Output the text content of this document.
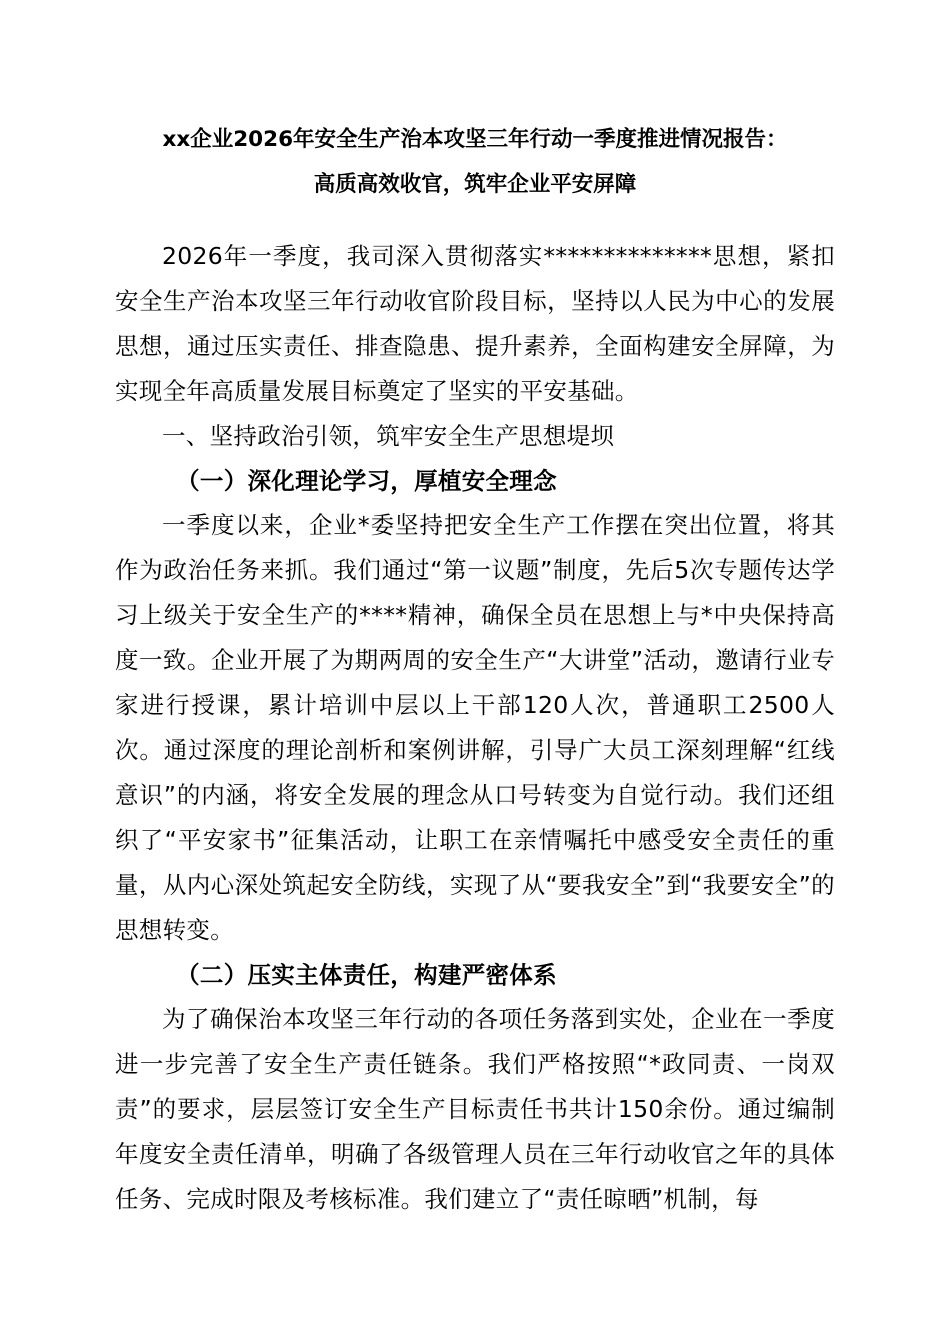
xx企业2026年安全生产治本攻坚三年行动一季度推进情况报告：
高质高效收官，筑牢企业平安屏障

2026年一季度，我司深入贯彻落实**************思想，紧扣安全生产治本攻坚三年行动收官阶段目标，坚持以人民为中心的发展思想，通过压实责任、排查隐患、提升素养，全面构建安全屏障，为实现全年高质量发展目标奠定了坚实的平安基础。

一、坚持政治引领，筑牢安全生产思想堤坝

（一）深化理论学习，厚植安全理念

一季度以来，企业*委坚持把安全生产工作摆在突出位置，将其作为政治任务来抓。我们通过“第一议题”制度，先后5次专题传达学习上级关于安全生产的****精神，确保全员在思想上与*中央保持高度一致。企业开展了为期两周的安全生产“大讲堂”活动，邀请行业专家进行授课，累计培训中层以上干部120人次，普通职工2500人次。通过深度的理论剖析和案例讲解，引导广大员工深刻理解“红线意识”的内涵，将安全发展的理念从口号转变为自觉行动。我们还组织了“平安家书”征集活动，让职工在亲情嘱托中感受安全责任的重量，从内心深处筑起安全防线，实现了从“要我安全”到“我要安全”的思想转变。

（二）压实主体责任，构建严密体系

为了确保治本攻坚三年行动的各项任务落到实处，企业在一季度进一步完善了安全生产责任链条。我们严格按照“*政同责、一岗双责”的要求，层层签订安全生产目标责任书共计150余份。通过编制年度安全责任清单，明确了各级管理人员在三年行动收官之年的具体任务、完成时限及考核标准。我们建立了“责任晾晒”机制，每
